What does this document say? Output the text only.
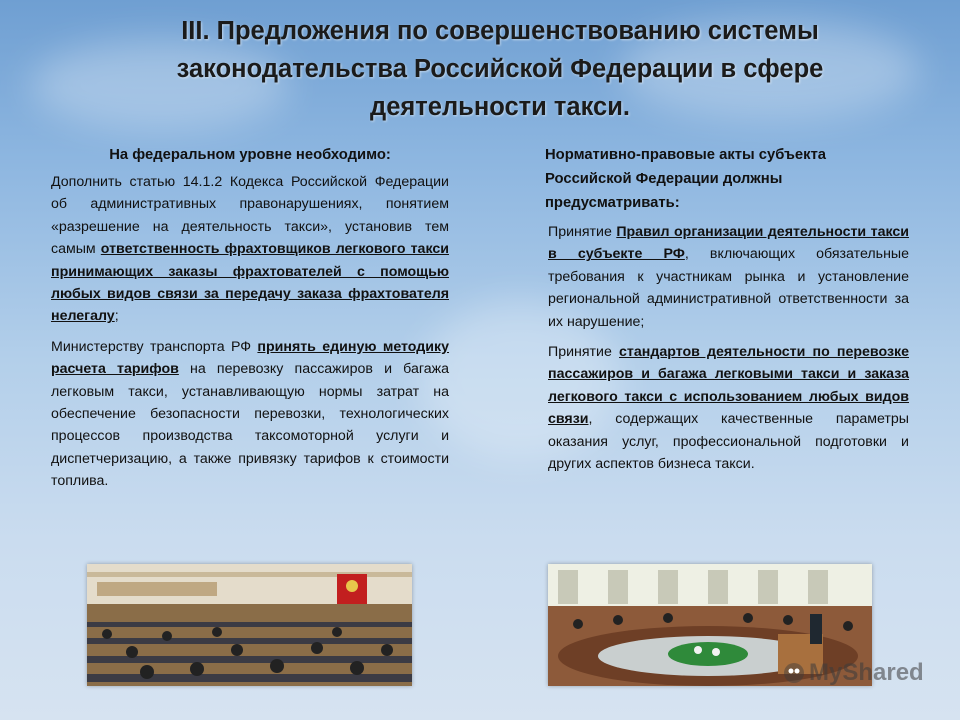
III. Предложения по совершенствованию системы законодательства Российской Федерации в сфере деятельности такси.
На федеральном уровне необходимо:
Дополнить статью 14.1.2 Кодекса Российской Федерации об административных правонарушениях, понятием «разрешение на деятельность такси», установив тем самым ответственность фрахтовщиков легкового такси принимающих заказы фрахтователей с помощью любых видов связи за передачу заказа фрахтователя нелегалу;
Министерству транспорта РФ принять единую методику расчета тарифов на перевозку пассажиров и багажа легковым такси, устанавливающую нормы затрат на обеспечение безопасности перевозки, технологических процессов производства таксомоторной услуги и диспетчеризацию, а также привязку тарифов к стоимости топлива.
Нормативно-правовые акты субъекта Российской Федерации должны предусматривать:
Принятие Правил организации деятельности такси в субъекте РФ, включающих обязательные требования к участникам рынка и установление региональной административной ответственности за их нарушение;
Принятие стандартов деятельности по перевозке пассажиров и багажа легковыми такси и заказа легкового такси с использованием любых видов связи, содержащих качественные параметры оказания услуг, профессиональной подготовки и других аспектов бизнеса такси.
MyShared
